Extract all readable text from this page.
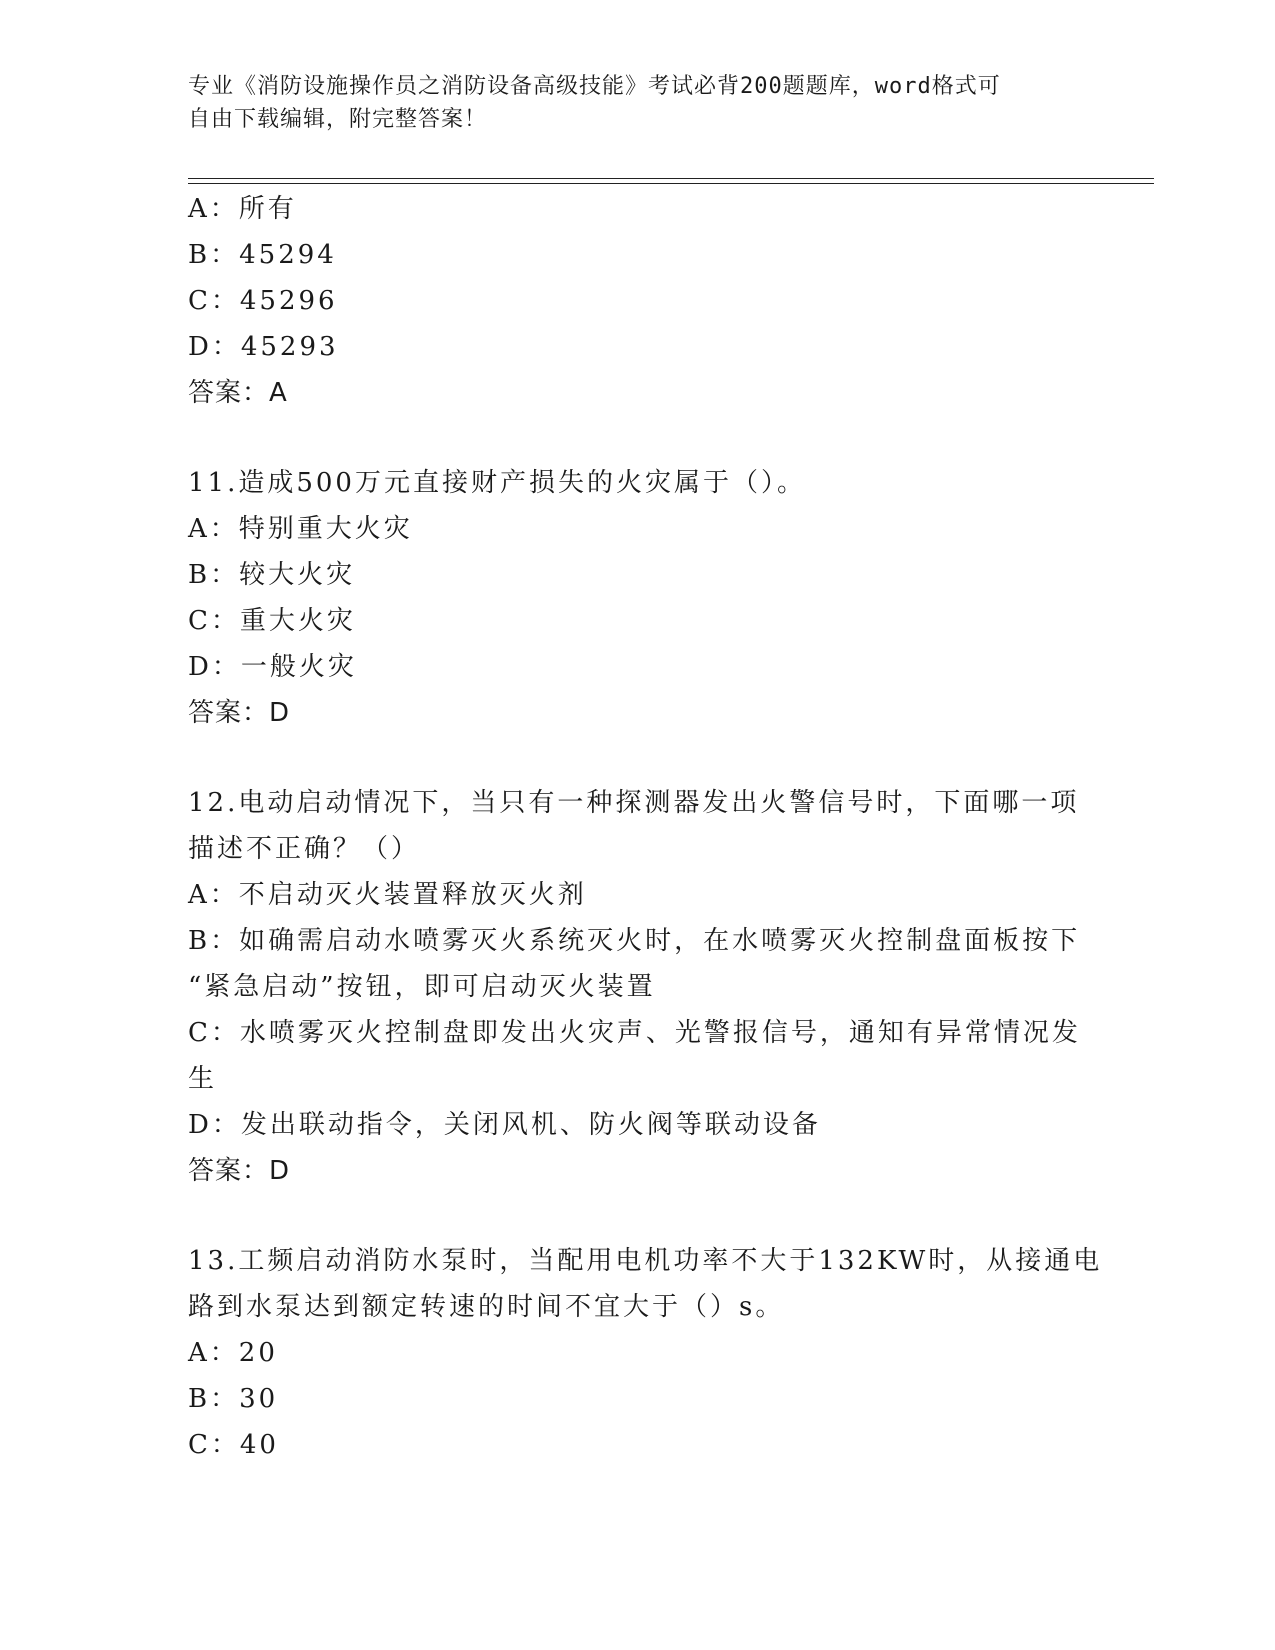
专业《消防设施操作员之消防设备高级技能》考试必背200题题库，word格式可
自由下载编辑，附完整答案！
A：所有
B：45294
C：45296
D：45293
答案：A
11.造成500万元直接财产损失的火灾属于（）。
A：特别重大火灾
B：较大火灾
C：重大火灾
D：一般火灾
答案：D
12.电动启动情况下，当只有一种探测器发出火警信号时，下面哪一项
描述不正确？（）
A：不启动灭火装置释放灭火剂
B：如确需启动水喷雾灭火系统灭火时，在水喷雾灭火控制盘面板按下
“紧急启动”按钮，即可启动灭火装置
C：水喷雾灭火控制盘即发出火灾声、光警报信号，通知有异常情况发
生
D：发出联动指令，关闭风机、防火阀等联动设备
答案：D
13.工频启动消防水泵时，当配用电机功率不大于132KW时，从接通电
路到水泵达到额定转速的时间不宜大于（）s。
A：20
B：30
C：40
